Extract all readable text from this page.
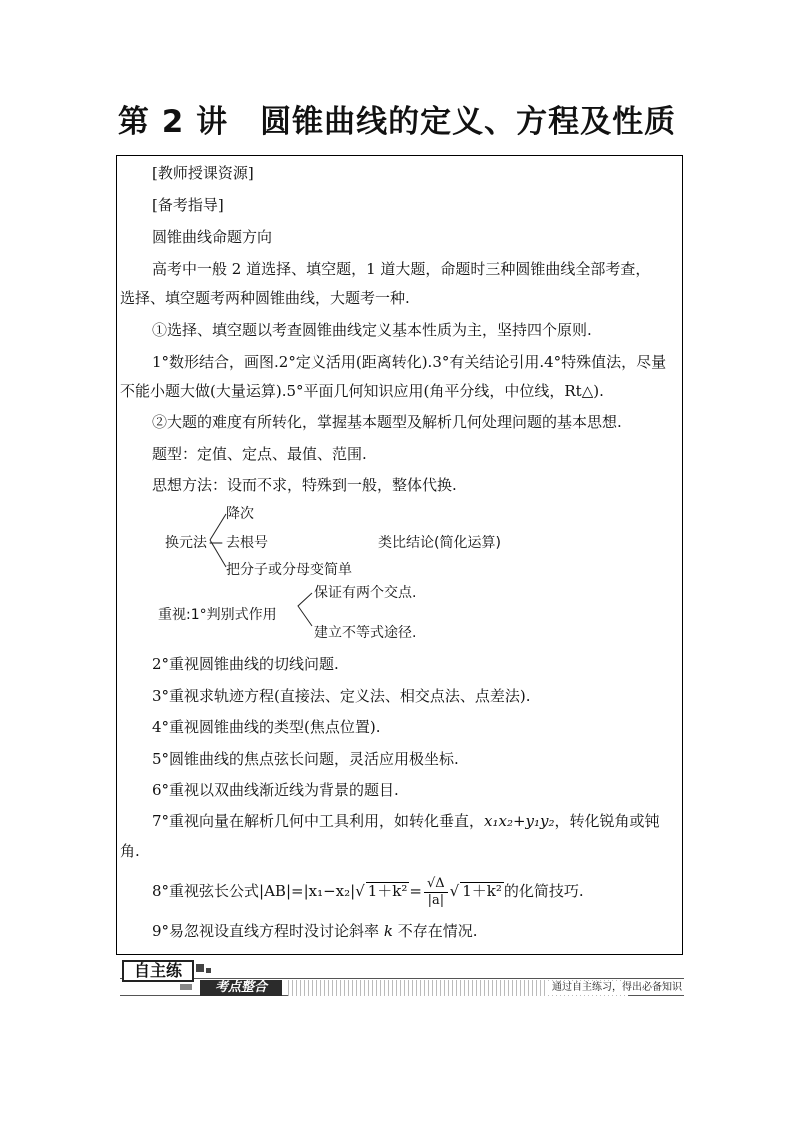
第 2 讲　圆锥曲线的定义、方程及性质
[教师授课资源]
[备考指导]
圆锥曲线命题方向
高考中一般 2 道选择、填空题，1 道大题，命题时三种圆锥曲线全部考查，
选择、填空题考两种圆锥曲线，大题考一种.
①选择、填空题以考查圆锥曲线定义基本性质为主，坚持四个原则.
1°数形结合，画图.2°定义活用(距离转化).3°有关结论引用.4°特殊值法，尽量
不能小题大做(大量运算).5°平面几何知识应用(角平分线，中位线，Rt△).
②大题的难度有所转化，掌握基本题型及解析几何处理问题的基本思想.
题型：定值、定点、最值、范围.
思想方法：设而不求，特殊到一般，整体代换.
换元法 —
降次
去根号
把分子或分母变简单
类比结论(简化运算)
重视:1°判别式作用
保证有两个交点.
建立不等式途径.
2°重视圆锥曲线的切线问题.
3°重视求轨迹方程(直接法、定义法、相交点法、点差法).
4°重视圆锥曲线的类型(焦点位置).
5°圆锥曲线的焦点弦长问题，灵活应用极坐标.
6°重视以双曲线渐近线为背景的题目.
7°重视向量在解析几何中工具利用，如转化垂直，x₁x₂+y₁y₂，转化锐角或钝
角.
8°重视弦长公式|AB|=|x₁−x₂|√ $1+k^2 = \frac{√\Delta}{|a|}$ √ 1＋k² 的化简技巧.
9°易忽视设直线方程时没讨论斜率 k 不存在情况.
自主练
考点整合	通过自主练习，得出必备知识
